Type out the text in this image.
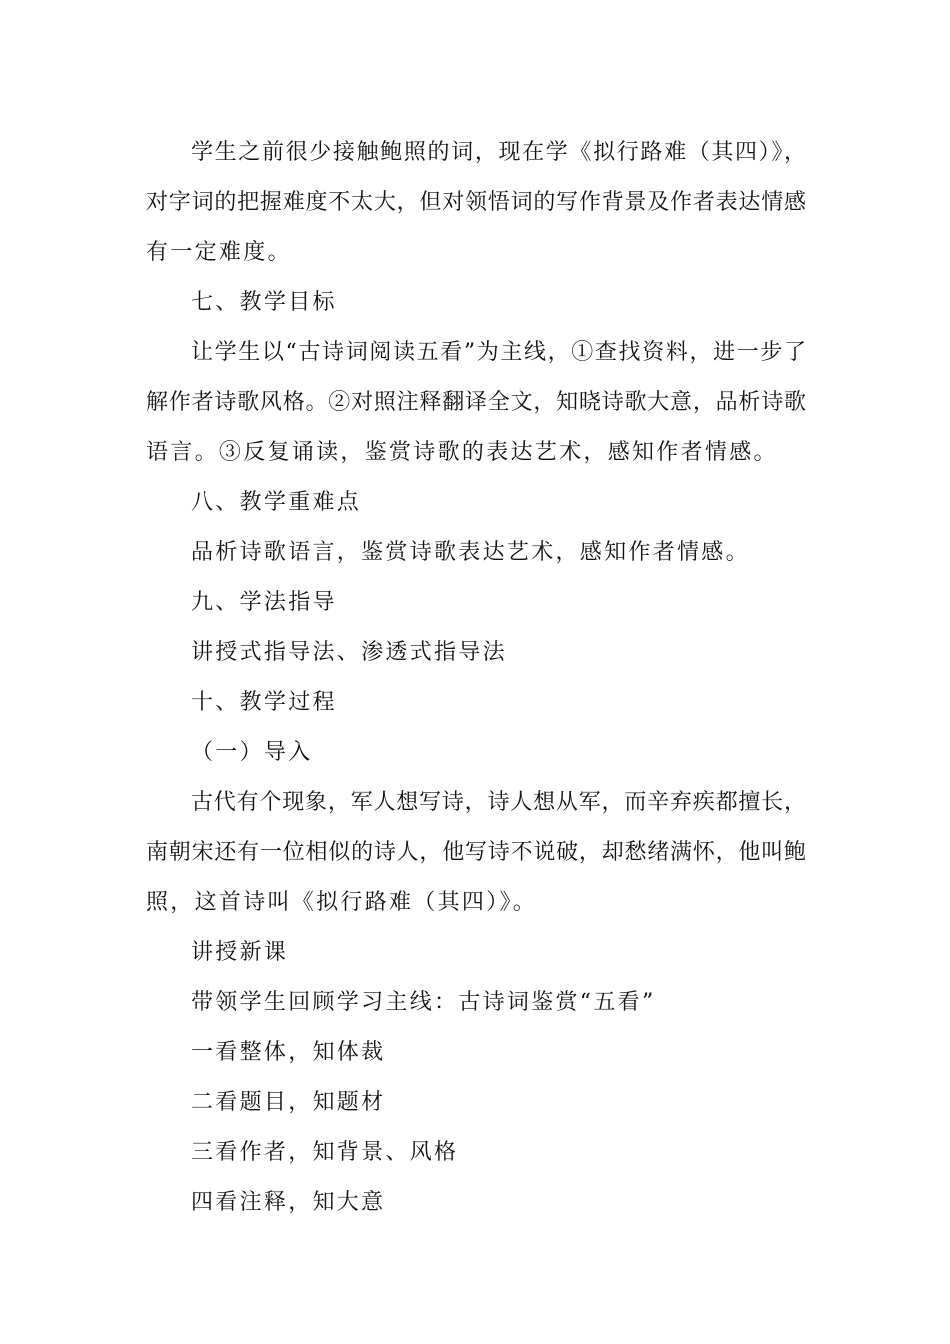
学生之前很少接触鲍照的词，现在学《拟行路难（其四）》，
对字词的把握难度不太大，但对领悟词的写作背景及作者表达情感
有一定难度。
七、教学目标
让学生以“古诗词阅读五看”为主线，①查找资料，进一步了
解作者诗歌风格。②对照注释翻译全文，知晓诗歌大意，品析诗歌
语言。③反复诵读，鉴赏诗歌的表达艺术，感知作者情感。
八、教学重难点
品析诗歌语言，鉴赏诗歌表达艺术，感知作者情感。
九、学法指导
讲授式指导法、渗透式指导法
十、教学过程
（一）导入
古代有个现象，军人想写诗，诗人想从军，而辛弃疾都擅长，
南朝宋还有一位相似的诗人，他写诗不说破，却愁绪满怀，他叫鲍
照，这首诗叫《拟行路难（其四）》。
讲授新课
带领学生回顾学习主线：古诗词鉴赏“五看”
一看整体，知体裁
二看题目，知题材
三看作者，知背景、风格
四看注释，知大意
